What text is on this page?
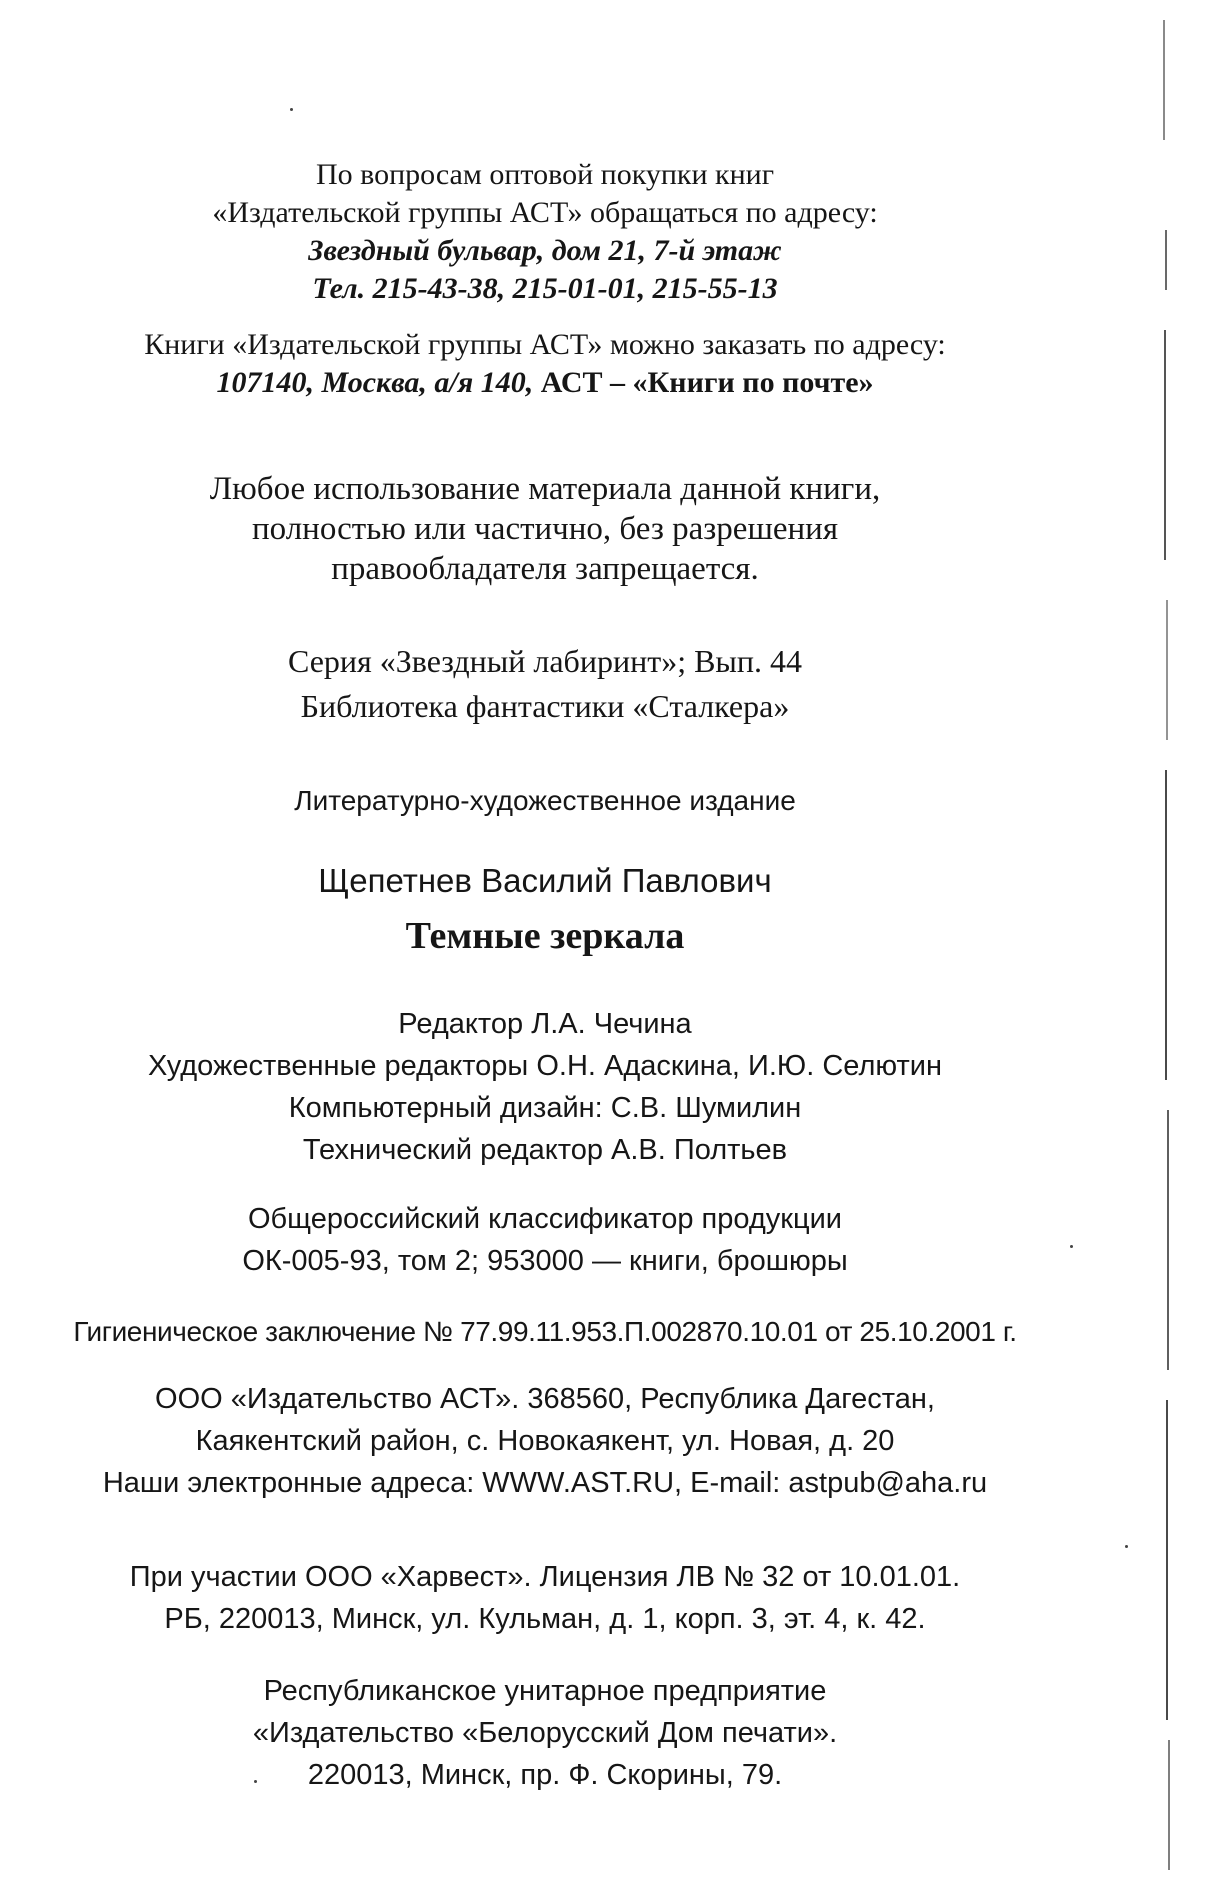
По вопросам оптовой покупки книг
«Издательской группы АСТ» обращаться по адресу:
Звездный бульвар, дом 21, 7-й этаж
Тел. 215-43-38, 215-01-01, 215-55-13
Книги «Издательской группы АСТ» можно заказать по адресу:
107140, Москва, а/я 140, АСТ – «Книги по почте»
Любое использование материала данной книги,
полностью или частично, без разрешения
правообладателя запрещается.
Серия «Звездный лабиринт»; Вып. 44
Библиотека фантастики «Сталкера»
Литературно-художественное издание
Щепетнев Василий Павлович
Темные зеркала
Редактор Л.А. Чечина
Художественные редакторы О.Н. Адаскина, И.Ю. Селютин
Компьютерный дизайн: С.В. Шумилин
Технический редактор А.В. Полтьев
Общероссийский классификатор продукции
ОК-005-93, том 2; 953000 — книги, брошюры
Гигиеническое заключение № 77.99.11.953.П.002870.10.01 от 25.10.2001 г.
ООО «Издательство АСТ». 368560, Республика Дагестан,
Каякентский район, с. Новокаякент, ул. Новая, д. 20
Наши электронные адреса: WWW.AST.RU, E-mail: astpub@aha.ru
При участии ООО «Харвест». Лицензия ЛВ № 32 от 10.01.01.
РБ, 220013, Минск, ул. Кульман, д. 1, корп. 3, эт. 4, к. 42.
Республиканское унитарное предприятие
«Издательство «Белорусский Дом печати».
220013, Минск, пр. Ф. Скорины, 79.
